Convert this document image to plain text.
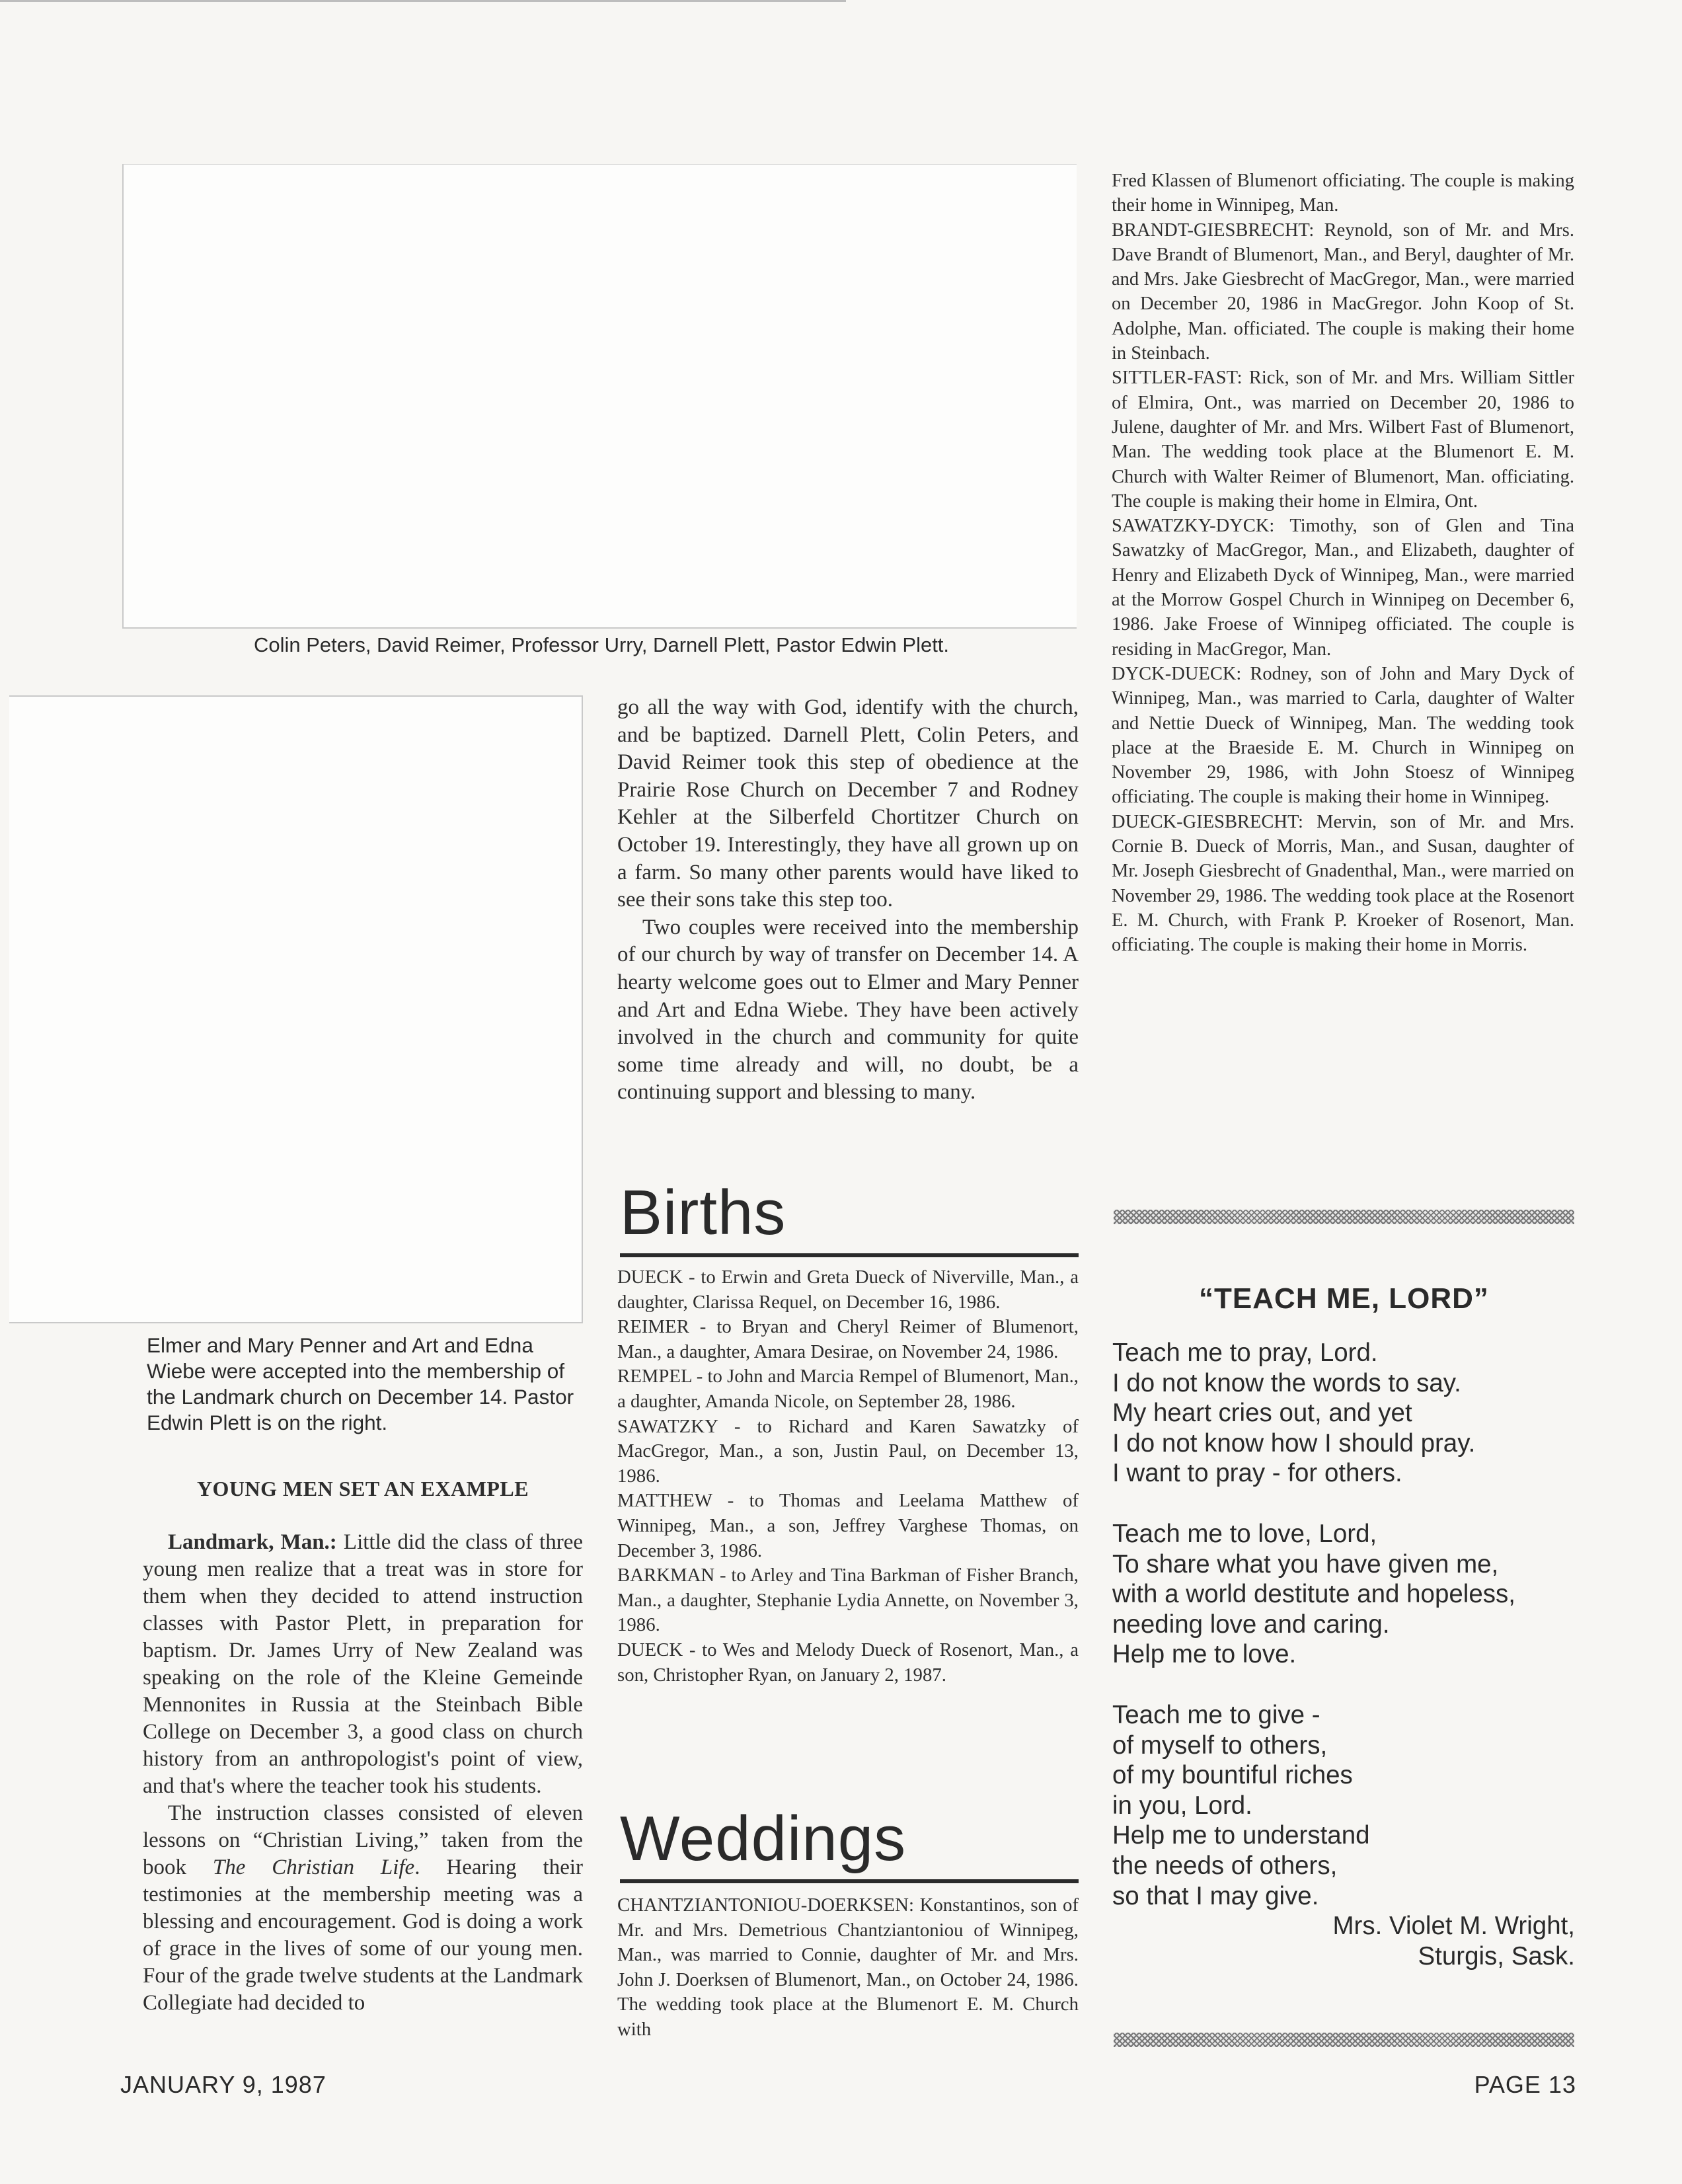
Colin Peters, David Reimer, Professor Urry, Darnell Plett, Pastor Edwin Plett.
Elmer and Mary Penner and Art and Edna Wiebe were accepted into the membership of the Landmark church on December 14. Pastor Edwin Plett is on the right.
YOUNG MEN SET AN EXAMPLE

Landmark, Man.: Little did the class of three young men realize that a treat was in store for them when they decided to attend instruction classes with Pastor Plett, in preparation for baptism. Dr. James Urry of New Zealand was speaking on the role of the Kleine Gemeinde Mennonites in Russia at the Steinbach Bible College on December 3, a good class on church history from an anthropologist's point of view, and that's where the teacher took his students.

The instruction classes consisted of eleven lessons on “Christian Living,” taken from the book The Christian Life. Hearing their testimonies at the membership meeting was a blessing and encouragement. God is doing a work of grace in the lives of some of our young men. Four of the grade twelve students at the Landmark Collegiate had decided to

go all the way with God, identify with the church, and be baptized. Darnell Plett, Colin Peters, and David Reimer took this step of obedience at the Prairie Rose Church on December 7 and Rodney Kehler at the Silberfeld Chortitzer Church on October 19. Interestingly, they have all grown up on a farm. So many other parents would have liked to see their sons take this step too.

Two couples were received into the membership of our church by way of transfer on December 14. A hearty welcome goes out to Elmer and Mary Penner and Art and Edna Wiebe. They have been actively involved in the church and community for quite some time already and will, no doubt, be a continuing support and blessing to many.

Births

DUECK - to Erwin and Greta Dueck of Niverville, Man., a daughter, Clarissa Requel, on December 16, 1986.

REIMER - to Bryan and Cheryl Reimer of Blumenort, Man., a daughter, Amara Desirae, on November 24, 1986.

REMPEL - to John and Marcia Rempel of Blumenort, Man., a daughter, Amanda Nicole, on September 28, 1986.

SAWATZKY - to Richard and Karen Sawatzky of MacGregor, Man., a son, Justin Paul, on December 13, 1986.

MATTHEW - to Thomas and Leelama Matthew of Winnipeg, Man., a son, Jeffrey Varghese Thomas, on December 3, 1986.

BARKMAN - to Arley and Tina Barkman of Fisher Branch, Man., a daughter, Stephanie Lydia Annette, on November 3, 1986.

DUECK - to Wes and Melody Dueck of Rosenort, Man., a son, Christopher Ryan, on January 2, 1987.

Weddings

CHANTZIANTONIOU-DOERKSEN: Konstantinos, son of Mr. and Mrs. Demetrious Chantziantoniou of Winnipeg, Man., was married to Connie, daughter of Mr. and Mrs. John J. Doerksen of Blumenort, Man., on October 24, 1986. The wedding took place at the Blumenort E. M. Church with

Fred Klassen of Blumenort officiating. The couple is making their home in Winnipeg, Man.

BRANDT-GIESBRECHT: Reynold, son of Mr. and Mrs. Dave Brandt of Blumenort, Man., and Beryl, daughter of Mr. and Mrs. Jake Giesbrecht of MacGregor, Man., were married on December 20, 1986 in MacGregor. John Koop of St. Adolphe, Man. officiated. The couple is making their home in Steinbach.

SITTLER-FAST: Rick, son of Mr. and Mrs. William Sittler of Elmira, Ont., was married on December 20, 1986 to Julene, daughter of Mr. and Mrs. Wilbert Fast of Blumenort, Man. The wedding took place at the Blumenort E. M. Church with Walter Reimer of Blumenort, Man. officiating. The couple is making their home in Elmira, Ont.

SAWATZKY-DYCK: Timothy, son of Glen and Tina Sawatzky of MacGregor, Man., and Elizabeth, daughter of Henry and Elizabeth Dyck of Winnipeg, Man., were married at the Morrow Gospel Church in Winnipeg on December 6, 1986. Jake Froese of Winnipeg officiated. The couple is residing in MacGregor, Man.

DYCK-DUECK: Rodney, son of John and Mary Dyck of Winnipeg, Man., was married to Carla, daughter of Walter and Nettie Dueck of Winnipeg, Man. The wedding took place at the Braeside E. M. Church in Winnipeg on November 29, 1986, with John Stoesz of Winnipeg officiating. The couple is making their home in Winnipeg.

DUECK-GIESBRECHT: Mervin, son of Mr. and Mrs. Cornie B. Dueck of Morris, Man., and Susan, daughter of Mr. Joseph Giesbrecht of Gnadenthal, Man., were married on November 29, 1986. The wedding took place at the Rosenort E. M. Church, with Frank P. Kroeker of Rosenort, Man. officiating. The couple is making their home in Morris.

“TEACH ME, LORD”
Teach me to pray, Lord.
I do not know the words to say.
My heart cries out, and yet
I do not know how I should pray.
I want to pray - for others.
Teach me to love, Lord,
To share what you have given me,
with a world destitute and hopeless,
needing love and caring.
Help me to love.
Teach me to give -
of myself to others,
of my bountiful riches
in you, Lord.
Help me to understand
the needs of others,
so that I may give.
Mrs. Violet M. Wright,
Sturgis, Sask.
JANUARY 9, 1987	PAGE 13
